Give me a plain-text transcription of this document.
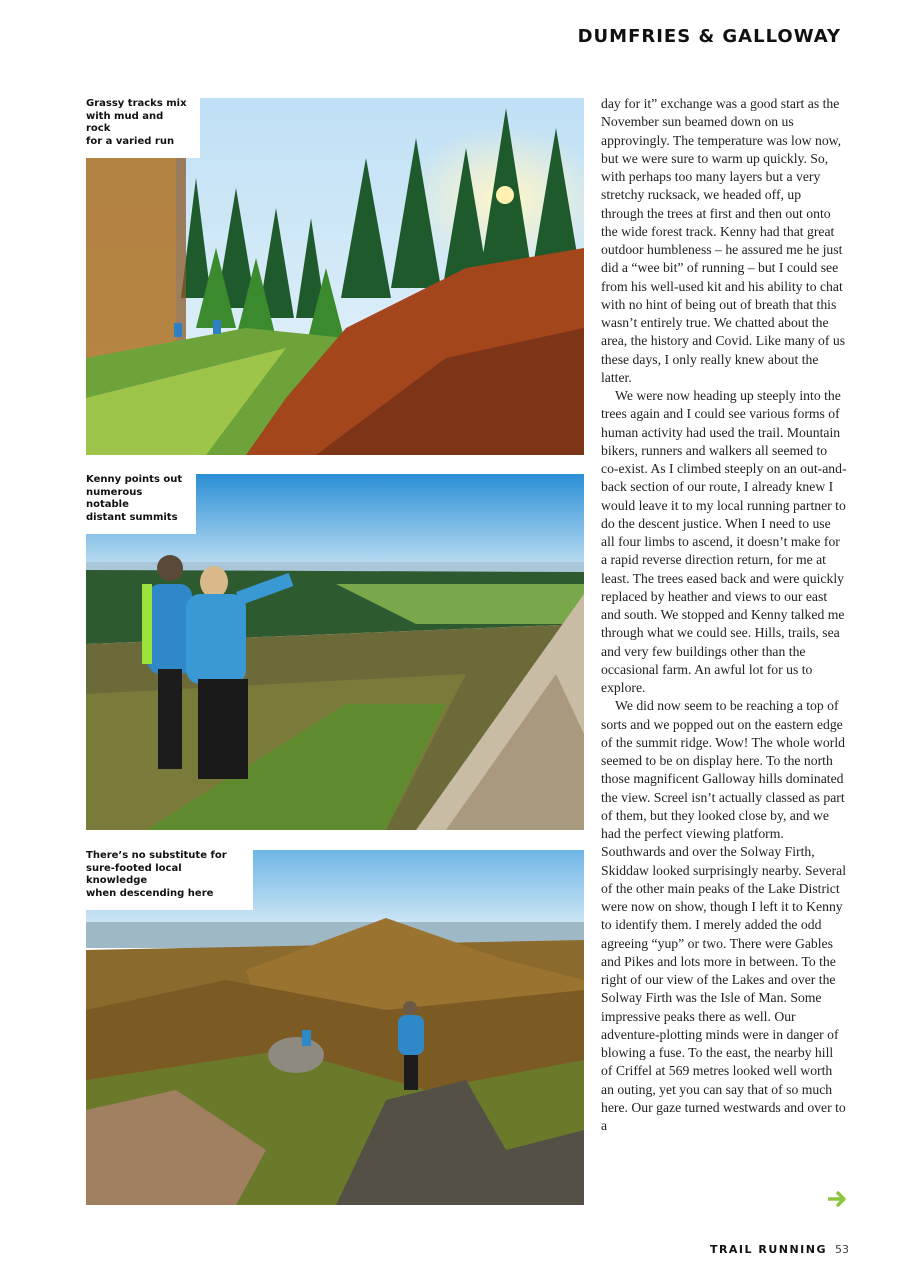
DUMFRIES & GALLOWAY
Grassy tracks mix
with mud and rock
for a varied run
Kenny points out
numerous notable
distant summits
There’s no substitute for
sure-footed local knowledge
when descending here

day for it” exchange was a good start as the November sun beamed down on us approvingly. The temperature was low now, but we were sure to warm up quickly. So, with perhaps too many layers but a very stretchy rucksack, we headed off, up through the trees at first and then out onto the wide forest track. Kenny had that great outdoor humbleness – he assured me he just did a “wee bit” of running – but I could see from his well-used kit and his ability to chat with no hint of being out of breath that this wasn’t entirely true. We chatted about the area, the history and Covid. Like many of us these days, I only really knew about the latter.

We were now heading up steeply into the trees again and I could see various forms of human activity had used the trail. Mountain bikers, runners and walkers all seemed to co-exist. As I climbed steeply on an out-and-back section of our route, I already knew I would leave it to my local running partner to do the descent justice. When I need to use all four limbs to ascend, it doesn’t make for a rapid reverse direction return, for me at least. The trees eased back and were quickly replaced by heather and views to our east and south. We stopped and Kenny talked me through what we could see. Hills, trails, sea and very few buildings other than the occasional farm. An awful lot for us to explore.

We did now seem to be reaching a top of sorts and we popped out on the eastern edge of the summit ridge. Wow! The whole world seemed to be on display here. To the north those magnificent Galloway hills dominated the view. Screel isn’t actually classed as part of them, but they looked close by, and we had the perfect viewing platform. Southwards and over the Solway Firth, Skiddaw looked surprisingly nearby. Several of the other main peaks of the Lake District were now on show, though I left it to Kenny to identify them. I merely added the odd agreeing “yup” or two. There were Gables and Pikes and lots more in between. To the right of our view of the Lakes and over the Solway Firth was the Isle of Man. Some impressive peaks there as well. Our adventure-plotting minds were in danger of blowing a fuse. To the east, the nearby hill of Criffel at 569 metres looked well worth an outing, yet you can say that of so much here. Our gaze turned westwards and over to a

TRAIL RUNNING 53
